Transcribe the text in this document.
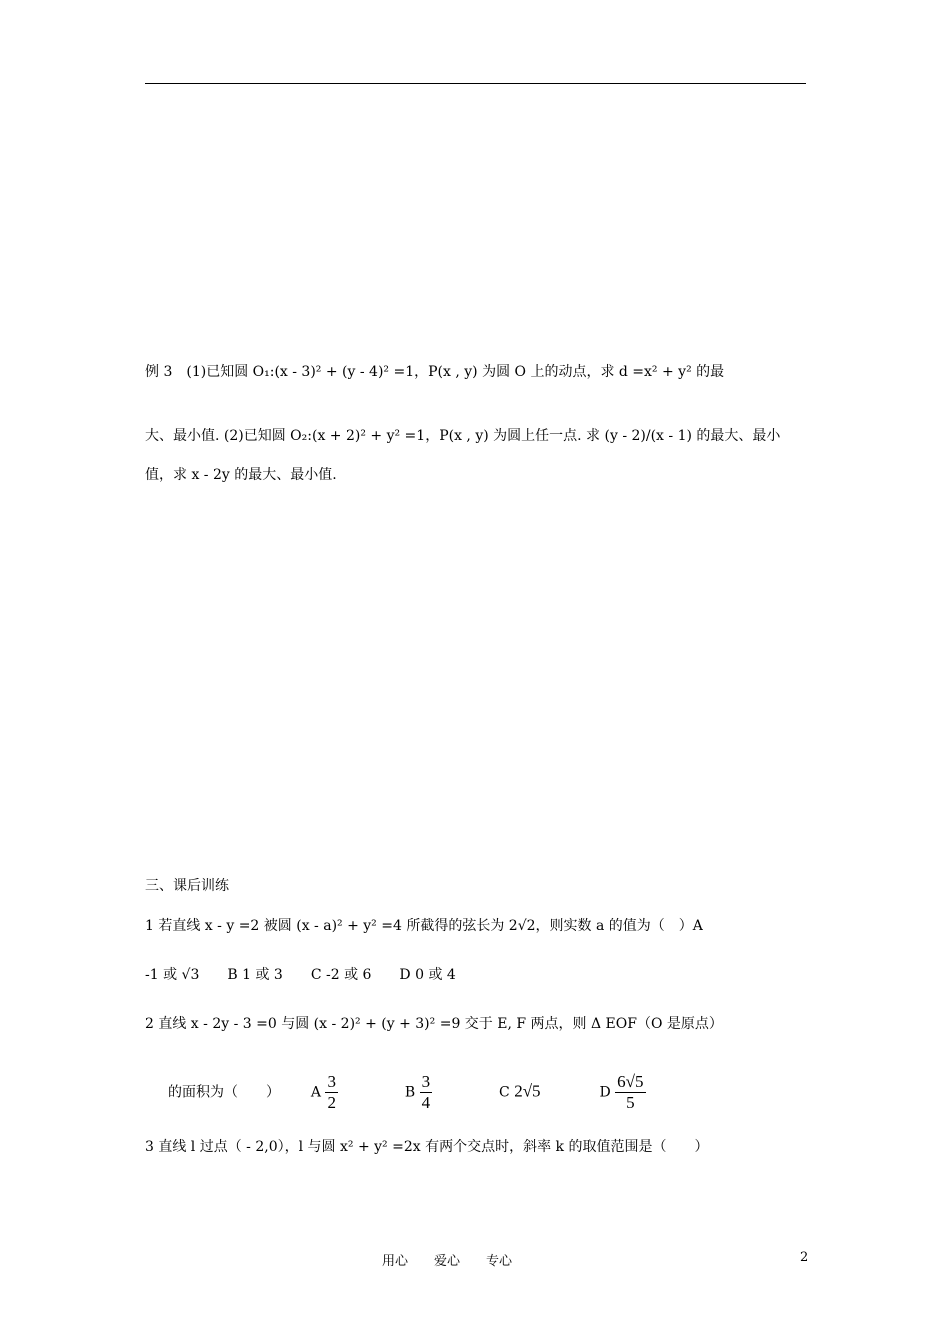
例 3　(1)已知圆 O₁:(x - 3)² + (y - 4)² =1，P(x , y) 为圆 O 上的动点，求 d =x² + y² 的最
大、最小值. (2)已知圆 O₂:(x + 2)² + y² =1，P(x , y) 为圆上任一点. 求 (y - 2)/(x - 1) 的最大、最小
值，求 x - 2y 的最大、最小值.
三、课后训练
1 若直线 x - y =2 被圆 (x - a)² + y² =4 所截得的弦长为 2√2，则实数 a 的值为（　）A
-1 或 √3　　B 1 或 3　　C -2 或 6　　D 0 或 4
2 直线 x - 2y - 3 =0 与圆 (x - 2)² + (y + 3)² =9 交于 E, F 两点，则 Δ EOF（O 是原点）
的面积为（　　） A $\frac{3}{2}$	B $\frac{3}{4}$	C 2√5	D $\frac{6√5}{5}$
3 直线 l 过点（ - 2,0），l 与圆 x² + y² =2x 有两个交点时，斜率 k 的取值范围是（　　）
用心　　爱心　　专心	2
